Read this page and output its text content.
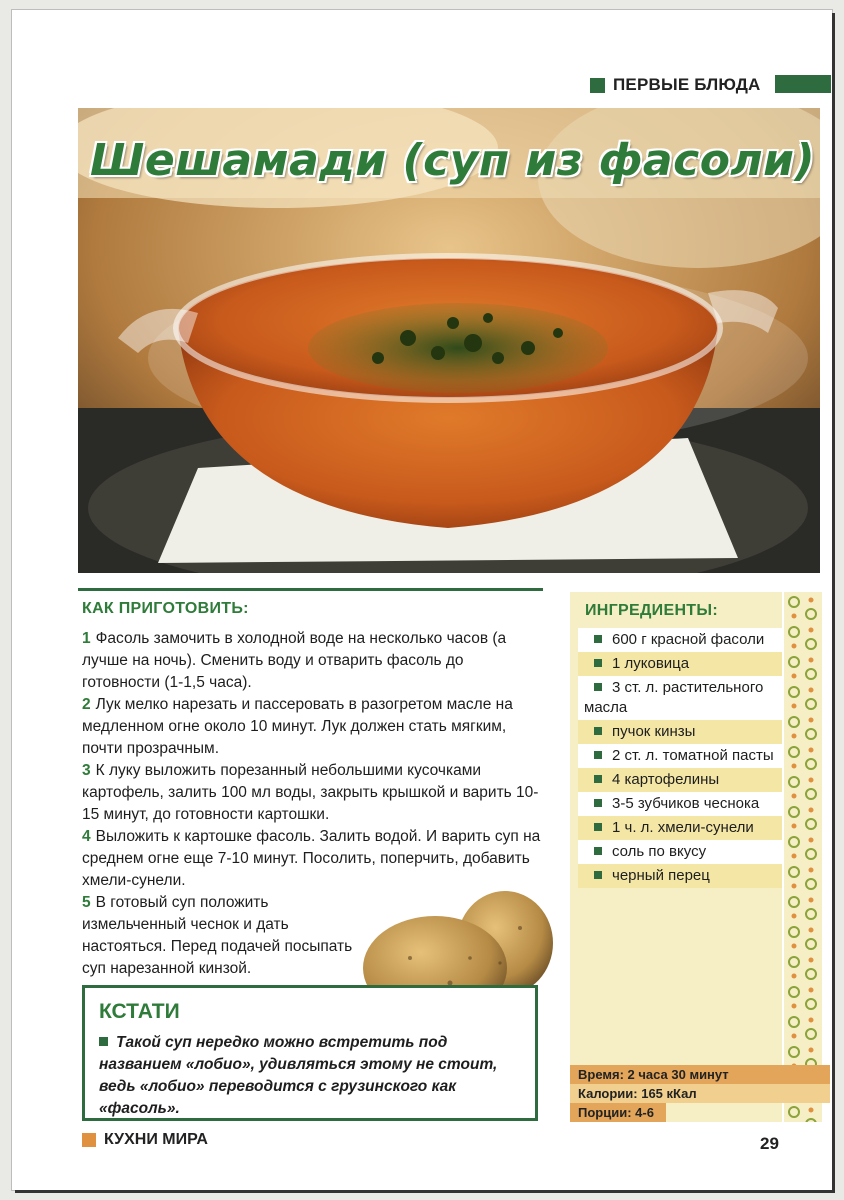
ПЕРВЫЕ БЛЮДА
Шешамади (суп из фасоли)
КАК ПРИГОТОВИТЬ:

1 Фасоль замочить в холодной воде на несколько часов (а лучше на ночь). Сменить воду и отварить фасоль до готовности (1-1,5 часа).

2 Лук мелко нарезать и пассеровать в разогретом масле на медленном огне около 10 минут. Лук должен стать мягким, почти прозрачным.

3 К луку выложить порезанный небольшими кусочками картофель, залить 100 мл воды, закрыть крышкой и варить 10-15 минут, до готовности картошки.

4 Выложить к картошке фасоль. Залить водой. И варить суп на среднем огне еще 7-10 минут. Посолить, поперчить, добавить хмели-сунели.

5 В готовый суп положить измельченный чеснок и дать настояться. Перед подачей посыпать суп нарезанной кинзой.

КСТАТИ
Такой суп нередко можно встретить под названием «лобио», удивляться этому не стоит, ведь «лобио» переводится с грузинского как «фасоль».
ИНГРЕДИЕНТЫ:
600 г красной фасоли
1 луковица
3 ст. л. растительного масла
пучок кинзы
2 ст. л. томатной пасты
4 картофелины
3-5 зубчиков чеснока
1 ч. л. хмели-сунели
соль по вкусу
черный перец
Время: 2 часа 30 минут
Калории: 165 кКал
Порции: 4-6
КУХНИ МИРА	29
